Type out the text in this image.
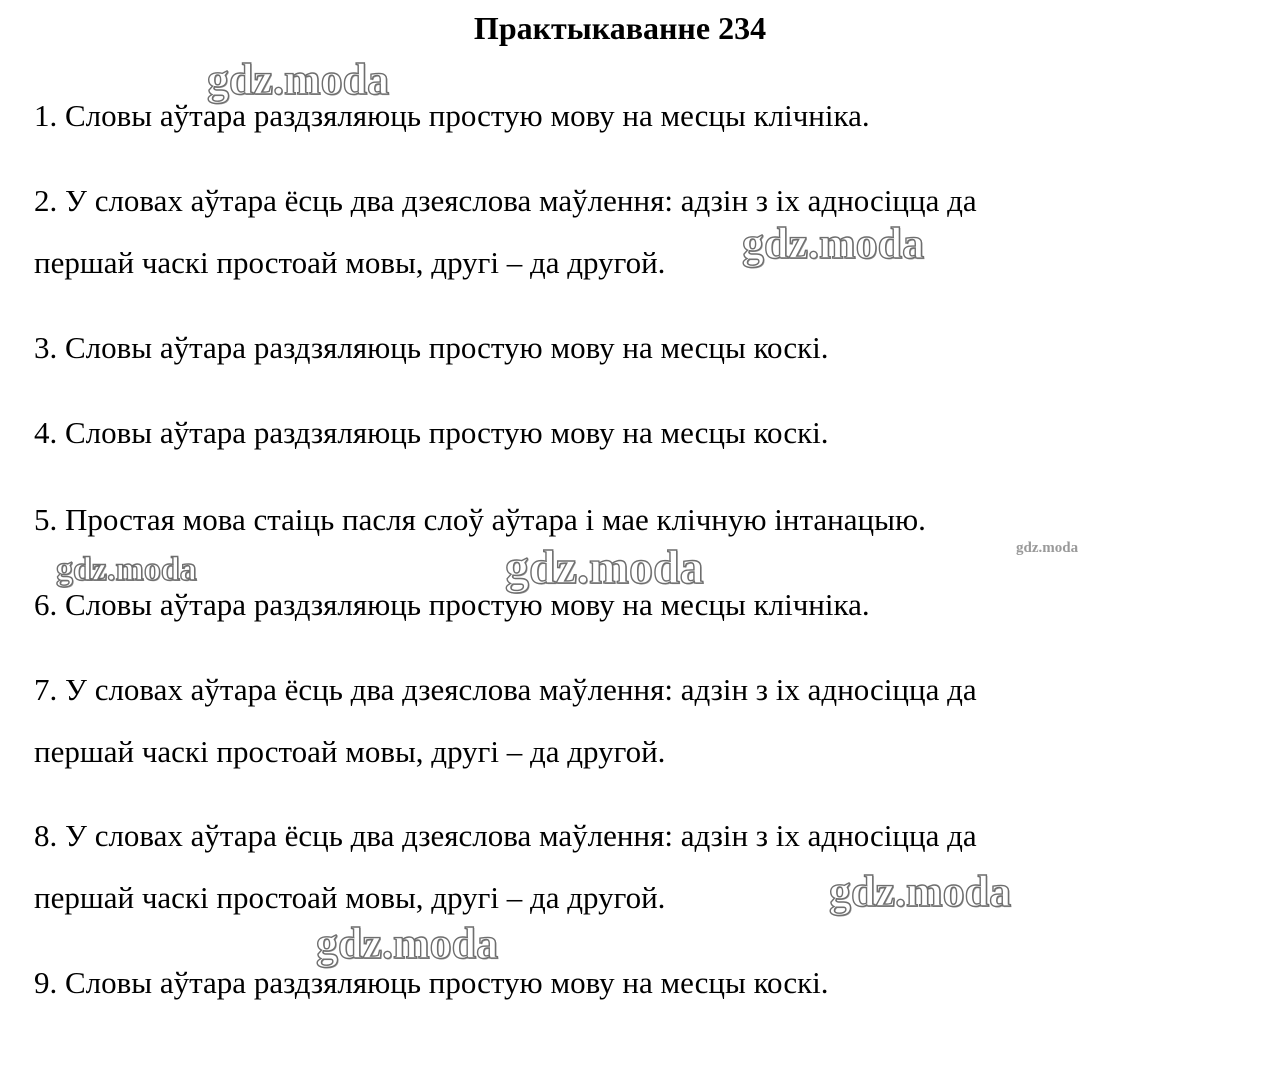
Практыкаванне 234
1. Словы аўтара раздзяляюць простую мову на месцы клічніка.
2. У словах аўтара ёсць два дзеяслова маўлення: адзін з іх адносіцца да
першай часкі простоай мовы, другі – да другой.
3. Словы аўтара раздзяляюць простую мову на месцы коскі.
4. Словы аўтара раздзяляюць простую мову на месцы коскі.
5. Простая мова стаіць пасля слоў аўтара і мае клічную інтанацыю.
6. Словы аўтара раздзяляюць простую мову на месцы клічніка.
7. У словах аўтара ёсць два дзеяслова маўлення: адзін з іх адносіцца да
першай часкі простоай мовы, другі – да другой.
8. У словах аўтара ёсць два дзеяслова маўлення: адзін з іх адносіцца да
першай часкі простоай мовы, другі – да другой.
9. Словы аўтара раздзяляюць простую мову на месцы коскі.
gdz.moda
gdz.moda
gdz.moda	gdz.moda	gdz.moda
gdz.moda
gdz.moda
